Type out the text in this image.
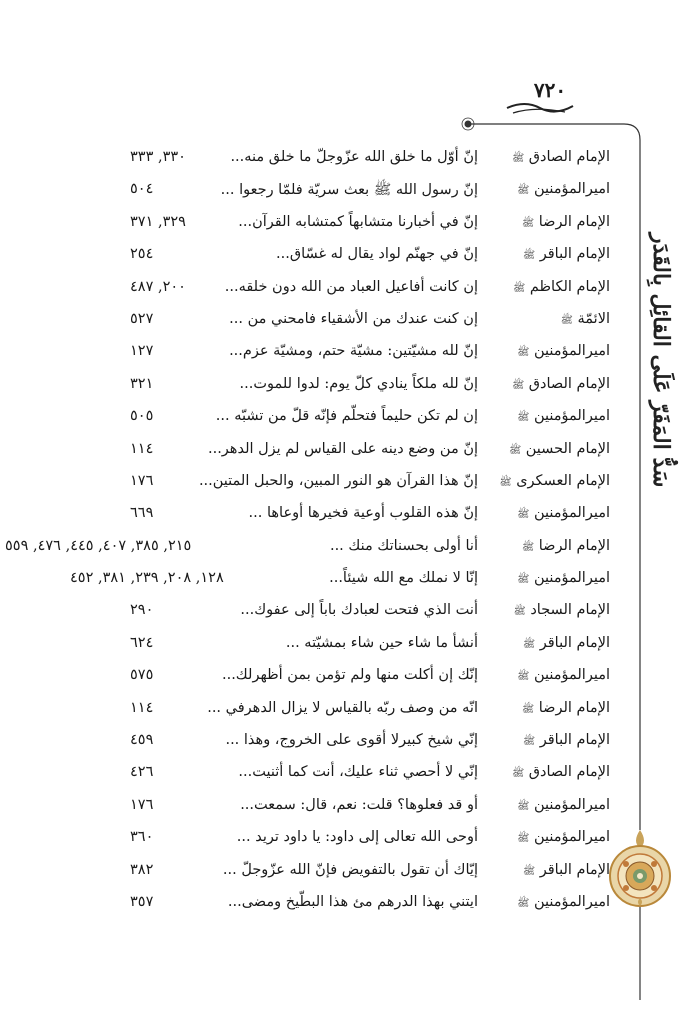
٧٢٠
سَدُّ المَفَرّ عَلَى القائِل بِالقَدَر
الإمام الصادق ﷺ
إنّ أوّل ما خلق الله عزّوجلّ ما خلق منه...
٣٣٠, ٣٣٣
اميرالمؤمنين ﷺ
إنّ رسول الله ﷺ بعث سريّة فلمّا رجعوا ...
٥٠٤
الإمام الرضا ﷺ
إنّ في أخبارنا متشابهاً كمتشابه القرآن...
٣٢٩, ٣٧١
الإمام الباقر ﷺ
إنّ في جهنّم لواد يقال له غسّاق...
٢٥٤
الإمام الكاظم ﷺ
إن كانت أفاعيل العباد من الله دون خلقه...
٢٠٠, ٤٨٧
الائمّة ﷺ
إن كنت عندك من الأشقياء فامحني من ...
٥٢٧
اميرالمؤمنين ﷺ
إنّ لله مشيّتين: مشيّة حتم، ومشيّة عزم...
١٢٧
الإمام الصادق ﷺ
إنّ لله ملكاً ينادي كلّ يوم: لدوا للموت...
٣٢١
اميرالمؤمنين ﷺ
إن لم تكن حليماً فتحلّم فإنّه قلّ من تشبّه ...
٥٠٥
الإمام الحسين ﷺ
إنّ من وضع دينه على القياس لم يزل الدهر...
١١٤
الإمام العسكرى ﷺ
إنّ هذا القرآن هو النور المبين، والحبل المتين...
١٧٦
اميرالمؤمنين ﷺ
إنّ هذه القلوب أوعية فخيرها أوعاها ...
٦٦٩
الإمام الرضا ﷺ
أنا أولى بحسناتك منك ...
٢١٥, ٣٨٥, ٤٠٧, ٤٤٥, ٤٧٦, ٥٥٩
اميرالمؤمنين ﷺ
إنّا لا نملك مع الله شيئاً...
١٢٨, ٢٠٨, ٢٣٩, ٣٨١, ٤٥٢
الإمام السجاد ﷺ
أنت الذي فتحت لعبادك باباً إلى عفوك...
٢٩٠
الإمام الباقر ﷺ
أنشأ ما شاء حين شاء بمشيّته ...
٦٢٤
اميرالمؤمنين ﷺ
إنّك إن أكلت منها ولم تؤمن بمن أظهرلك...
٥٧٥
الإمام الرضا ﷺ
انّه من وصف ربّه بالقياس لا يزال الدهرفي ...
١١٤
الإمام الباقر ﷺ
إنّي شيخ كبيرلا أقوى على الخروج، وهذا ...
٤٥٩
الإمام الصادق ﷺ
إنّي لا أحصي ثناء عليك، أنت كما أثنيت...
٤٢٦
اميرالمؤمنين ﷺ
أو قد فعلوها؟ قلت: نعم، قال: سمعت...
١٧٦
اميرالمؤمنين ﷺ
أوحى الله تعالى إلى داود: يا داود تريد ...
٣٦٠
الإمام الباقر ﷺ
إيّاك أن تقول بالتفويض فإنّ الله عزّوجلّ ...
٣٨٢
اميرالمؤمنين ﷺ
ايتني بهذا الدرهم مئ هذا البطّيخ ومضى...
٣٥٧
